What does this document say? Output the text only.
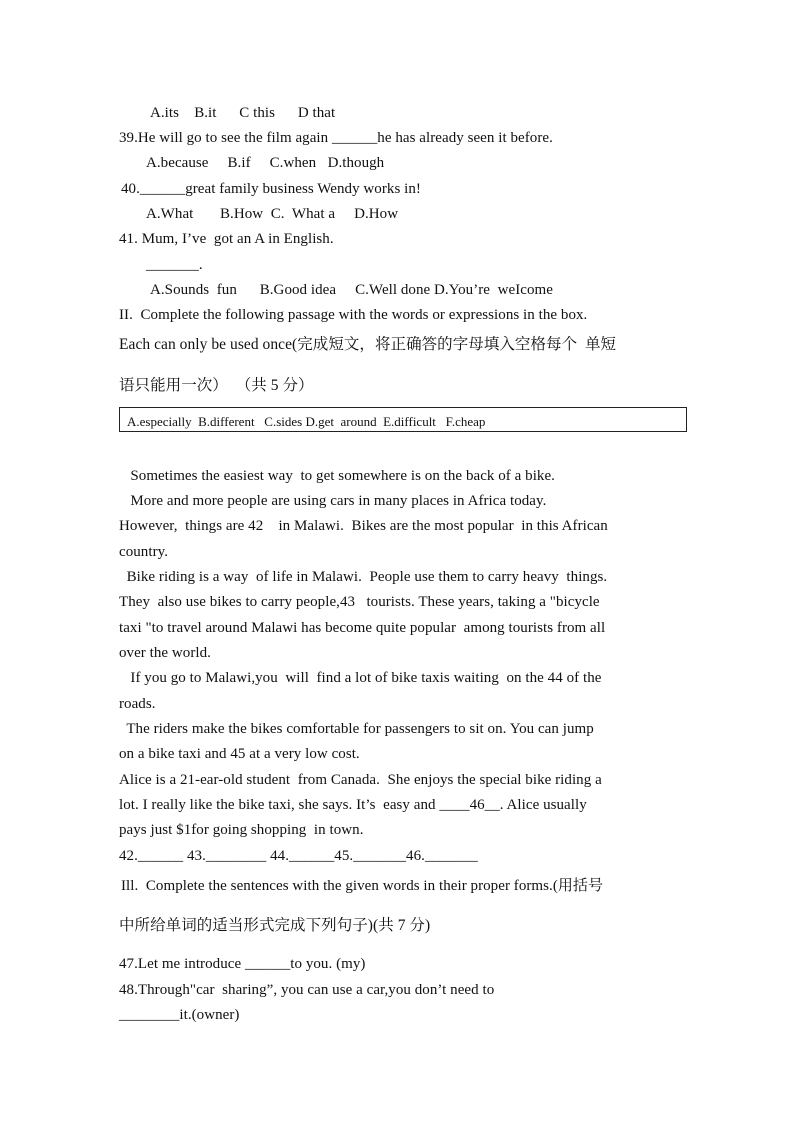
A.its    B.it      C this      D that
39.He will go to see the film again ______he has already seen it before.
A.because     B.if     C.when   D.though
40.______great family business Wendy works in!
A.What       B.How  C.  What a     D.How
41. Mum, I’ve  got an A in English.
_______.
A.Sounds  fun      B.Good idea     C.Well done D.You’re  weIcome
II.  Complete the following passage with the words or expressions in the box.
Each can only be used once(完成短文，将正确答的字母填入空格每个  单短
语只能用一次）  （共 5 分）
A.especially  B.different   C.sides D.get  around  E.difficult   F.cheap
Sometimes the easiest way  to get somewhere is on the back of a bike.
More and more people are using cars in many places in Africa today.
However,  things are 42    in Malawi.  Bikes are the most popular  in this African
country.
Bike riding is a way  of life in Malawi.  People use them to carry heavy  things.
They  also use bikes to carry people,43   tourists. These years, taking a "bicycle
taxi "to travel around Malawi has become quite popular  among tourists from all
over the world.
If you go to Malawi,you  will  find a lot of bike taxis waiting  on the 44 of the
roads.
The riders make the bikes comfortable for passengers to sit on. You can jump
on a bike taxi and 45 at a very low cost.
Alice is a 21-ear-old student  from Canada.  She enjoys the special bike riding a
lot. I really like the bike taxi, she says. It’s  easy and ____46__. Alice usually
pays just $1for going shopping  in town.
42.______ 43.________ 44.______45._______46._______
Ill.  Complete the sentences with the given words in their proper forms.(用括号
中所给单词的适当形式完成下列句子)(共 7 分)
47.Let me introduce ______to you. (my)
48.Through"car  sharing”, you can use a car,you don’t need to
________it.(owner)
